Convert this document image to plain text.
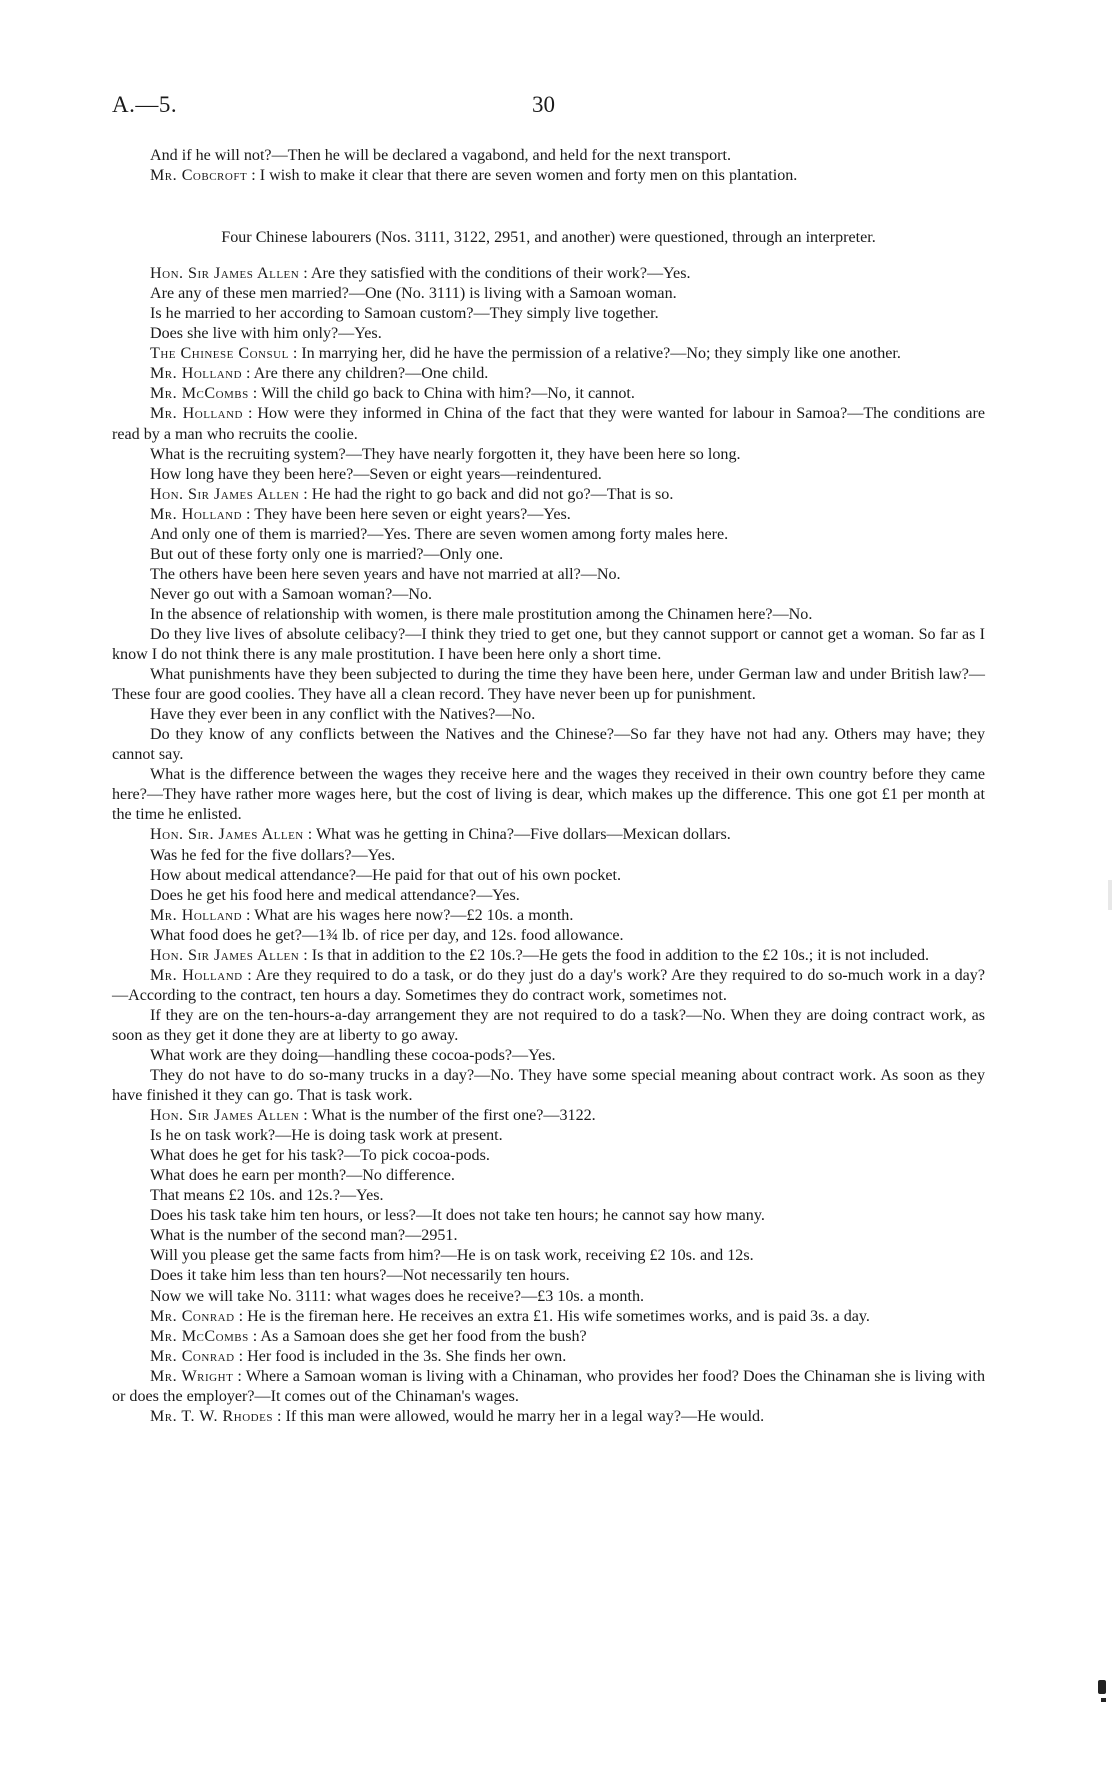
A.—5.	30

And if he will not?—Then he will be declared a vagabond, and held for the next transport.

Mr. Cobcroft : I wish to make it clear that there are seven women and forty men on this plantation.

Four Chinese labourers (Nos. 3111, 3122, 2951, and another) were questioned, through an interpreter.

Hon. Sir James Allen : Are they satisfied with the conditions of their work?—Yes.

Are any of these men married?—One (No. 3111) is living with a Samoan woman.

Is he married to her according to Samoan custom?—They simply live together.

Does she live with him only?—Yes.

The Chinese Consul : In marrying her, did he have the permission of a relative?—No; they simply like one another.

Mr. Holland : Are there any children?—One child.

Mr. McCombs : Will the child go back to China with him?—No, it cannot.

Mr. Holland : How were they informed in China of the fact that they were wanted for labour in Samoa?—The conditions are read by a man who recruits the coolie.

What is the recruiting system?—They have nearly forgotten it, they have been here so long.

How long have they been here?—Seven or eight years—reindentured.

Hon. Sir James Allen : He had the right to go back and did not go?—That is so.

Mr. Holland : They have been here seven or eight years?—Yes.

And only one of them is married?—Yes. There are seven women among forty males here.

But out of these forty only one is married?—Only one.

The others have been here seven years and have not married at all?—No.

Never go out with a Samoan woman?—No.

In the absence of relationship with women, is there male prostitution among the Chinamen here?—No.

Do they live lives of absolute celibacy?—I think they tried to get one, but they cannot support or cannot get a woman. So far as I know I do not think there is any male prostitution. I have been here only a short time.

What punishments have they been subjected to during the time they have been here, under German law and under British law?—These four are good coolies. They have all a clean record. They have never been up for punishment.

Have they ever been in any conflict with the Natives?—No.

Do they know of any conflicts between the Natives and the Chinese?—So far they have not had any. Others may have; they cannot say.

What is the difference between the wages they receive here and the wages they received in their own country before they came here?—They have rather more wages here, but the cost of living is dear, which makes up the difference. This one got £1 per month at the time he enlisted.

Hon. Sir. James Allen : What was he getting in China?—Five dollars—Mexican dollars.

Was he fed for the five dollars?—Yes.

How about medical attendance?—He paid for that out of his own pocket.

Does he get his food here and medical attendance?—Yes.

Mr. Holland : What are his wages here now?—£2 10s. a month.

What food does he get?—1¾ lb. of rice per day, and 12s. food allowance.

Hon. Sir James Allen : Is that in addition to the £2 10s.?—He gets the food in addition to the £2 10s.; it is not included.

Mr. Holland : Are they required to do a task, or do they just do a day's work? Are they required to do so-much work in a day?—According to the contract, ten hours a day. Sometimes they do contract work, sometimes not.

If they are on the ten-hours-a-day arrangement they are not required to do a task?—No. When they are doing contract work, as soon as they get it done they are at liberty to go away.

What work are they doing—handling these cocoa-pods?—Yes.

They do not have to do so-many trucks in a day?—No. They have some special meaning about contract work. As soon as they have finished it they can go. That is task work.

Hon. Sir James Allen : What is the number of the first one?—3122.

Is he on task work?—He is doing task work at present.

What does he get for his task?—To pick cocoa-pods.

What does he earn per month?—No difference.

That means £2 10s. and 12s.?—Yes.

Does his task take him ten hours, or less?—It does not take ten hours; he cannot say how many.

What is the number of the second man?—2951.

Will you please get the same facts from him?—He is on task work, receiving £2 10s. and 12s.

Does it take him less than ten hours?—Not necessarily ten hours.

Now we will take No. 3111: what wages does he receive?—£3 10s. a month.

Mr. Conrad : He is the fireman here. He receives an extra £1. His wife sometimes works, and is paid 3s. a day.

Mr. McCombs : As a Samoan does she get her food from the bush?

Mr. Conrad : Her food is included in the 3s. She finds her own.

Mr. Wright : Where a Samoan woman is living with a Chinaman, who provides her food? Does the Chinaman she is living with or does the employer?—It comes out of the Chinaman's wages.

Mr. T. W. Rhodes : If this man were allowed, would he marry her in a legal way?—He would.
